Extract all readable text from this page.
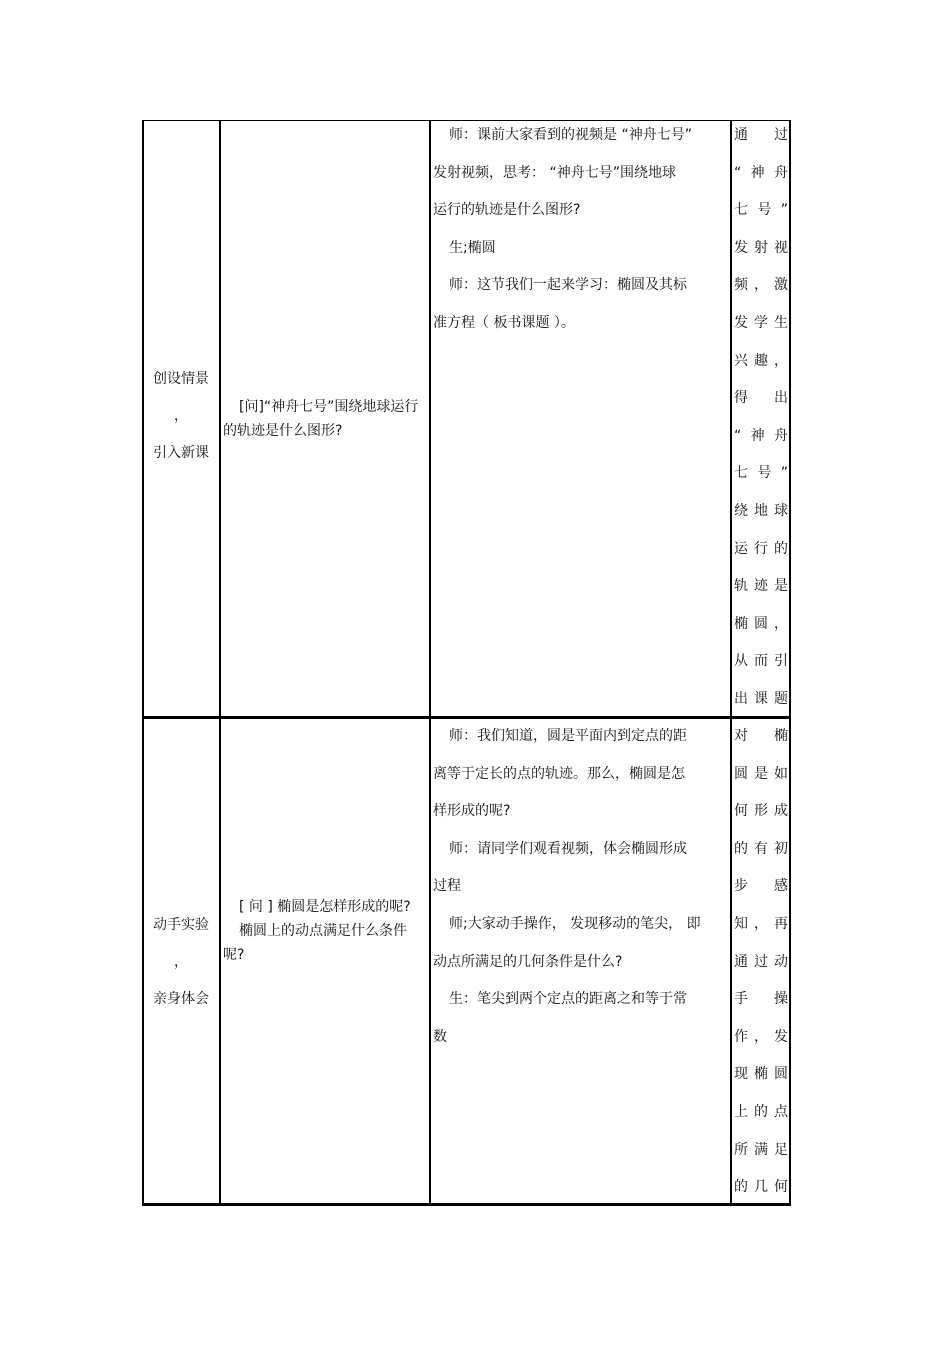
创设情景
，
引入新课

[问]“神舟七号”围绕地球运行的轨迹是什么图形?

师：课前大家看到的视频是 “神舟七号”

发射视频，思考： “神舟七号”围绕地球

运行的轨迹是什么图形?

生;椭圆

师：这节我们一起来学习：椭圆及其标

准方程（ 板书课题 ）。

通 过
“ 神 舟
七 号 ”
发 射 视
频 ， 激
发 学 生
兴 趣 ，
得 出
“ 神 舟
七 号 ”
绕 地 球
运 行 的
轨 迹 是
椭 圆 ，
从 而 引
出 课 题
动手实验
，
亲身体会

[ 问 ] 椭圆是怎样形成的呢?

椭圆上的动点满足什么条件呢?

师：我们知道，圆是平面内到定点的距

离等于定长的点的轨迹。那么，椭圆是怎

样形成的呢?

师：请同学们观看视频，体会椭圆形成

过程

师;大家动手操作， 发现移动的笔尖， 即

动点所满足的几何条件是什么?

生：笔尖到两个定点的距离之和等于常

数

对 椭
圆 是 如
何 形 成
的 有 初
步 感
知 ， 再
通 过 动
手 操
作 ， 发
现 椭 圆
上 的 点
所 满 足
的 几 何
